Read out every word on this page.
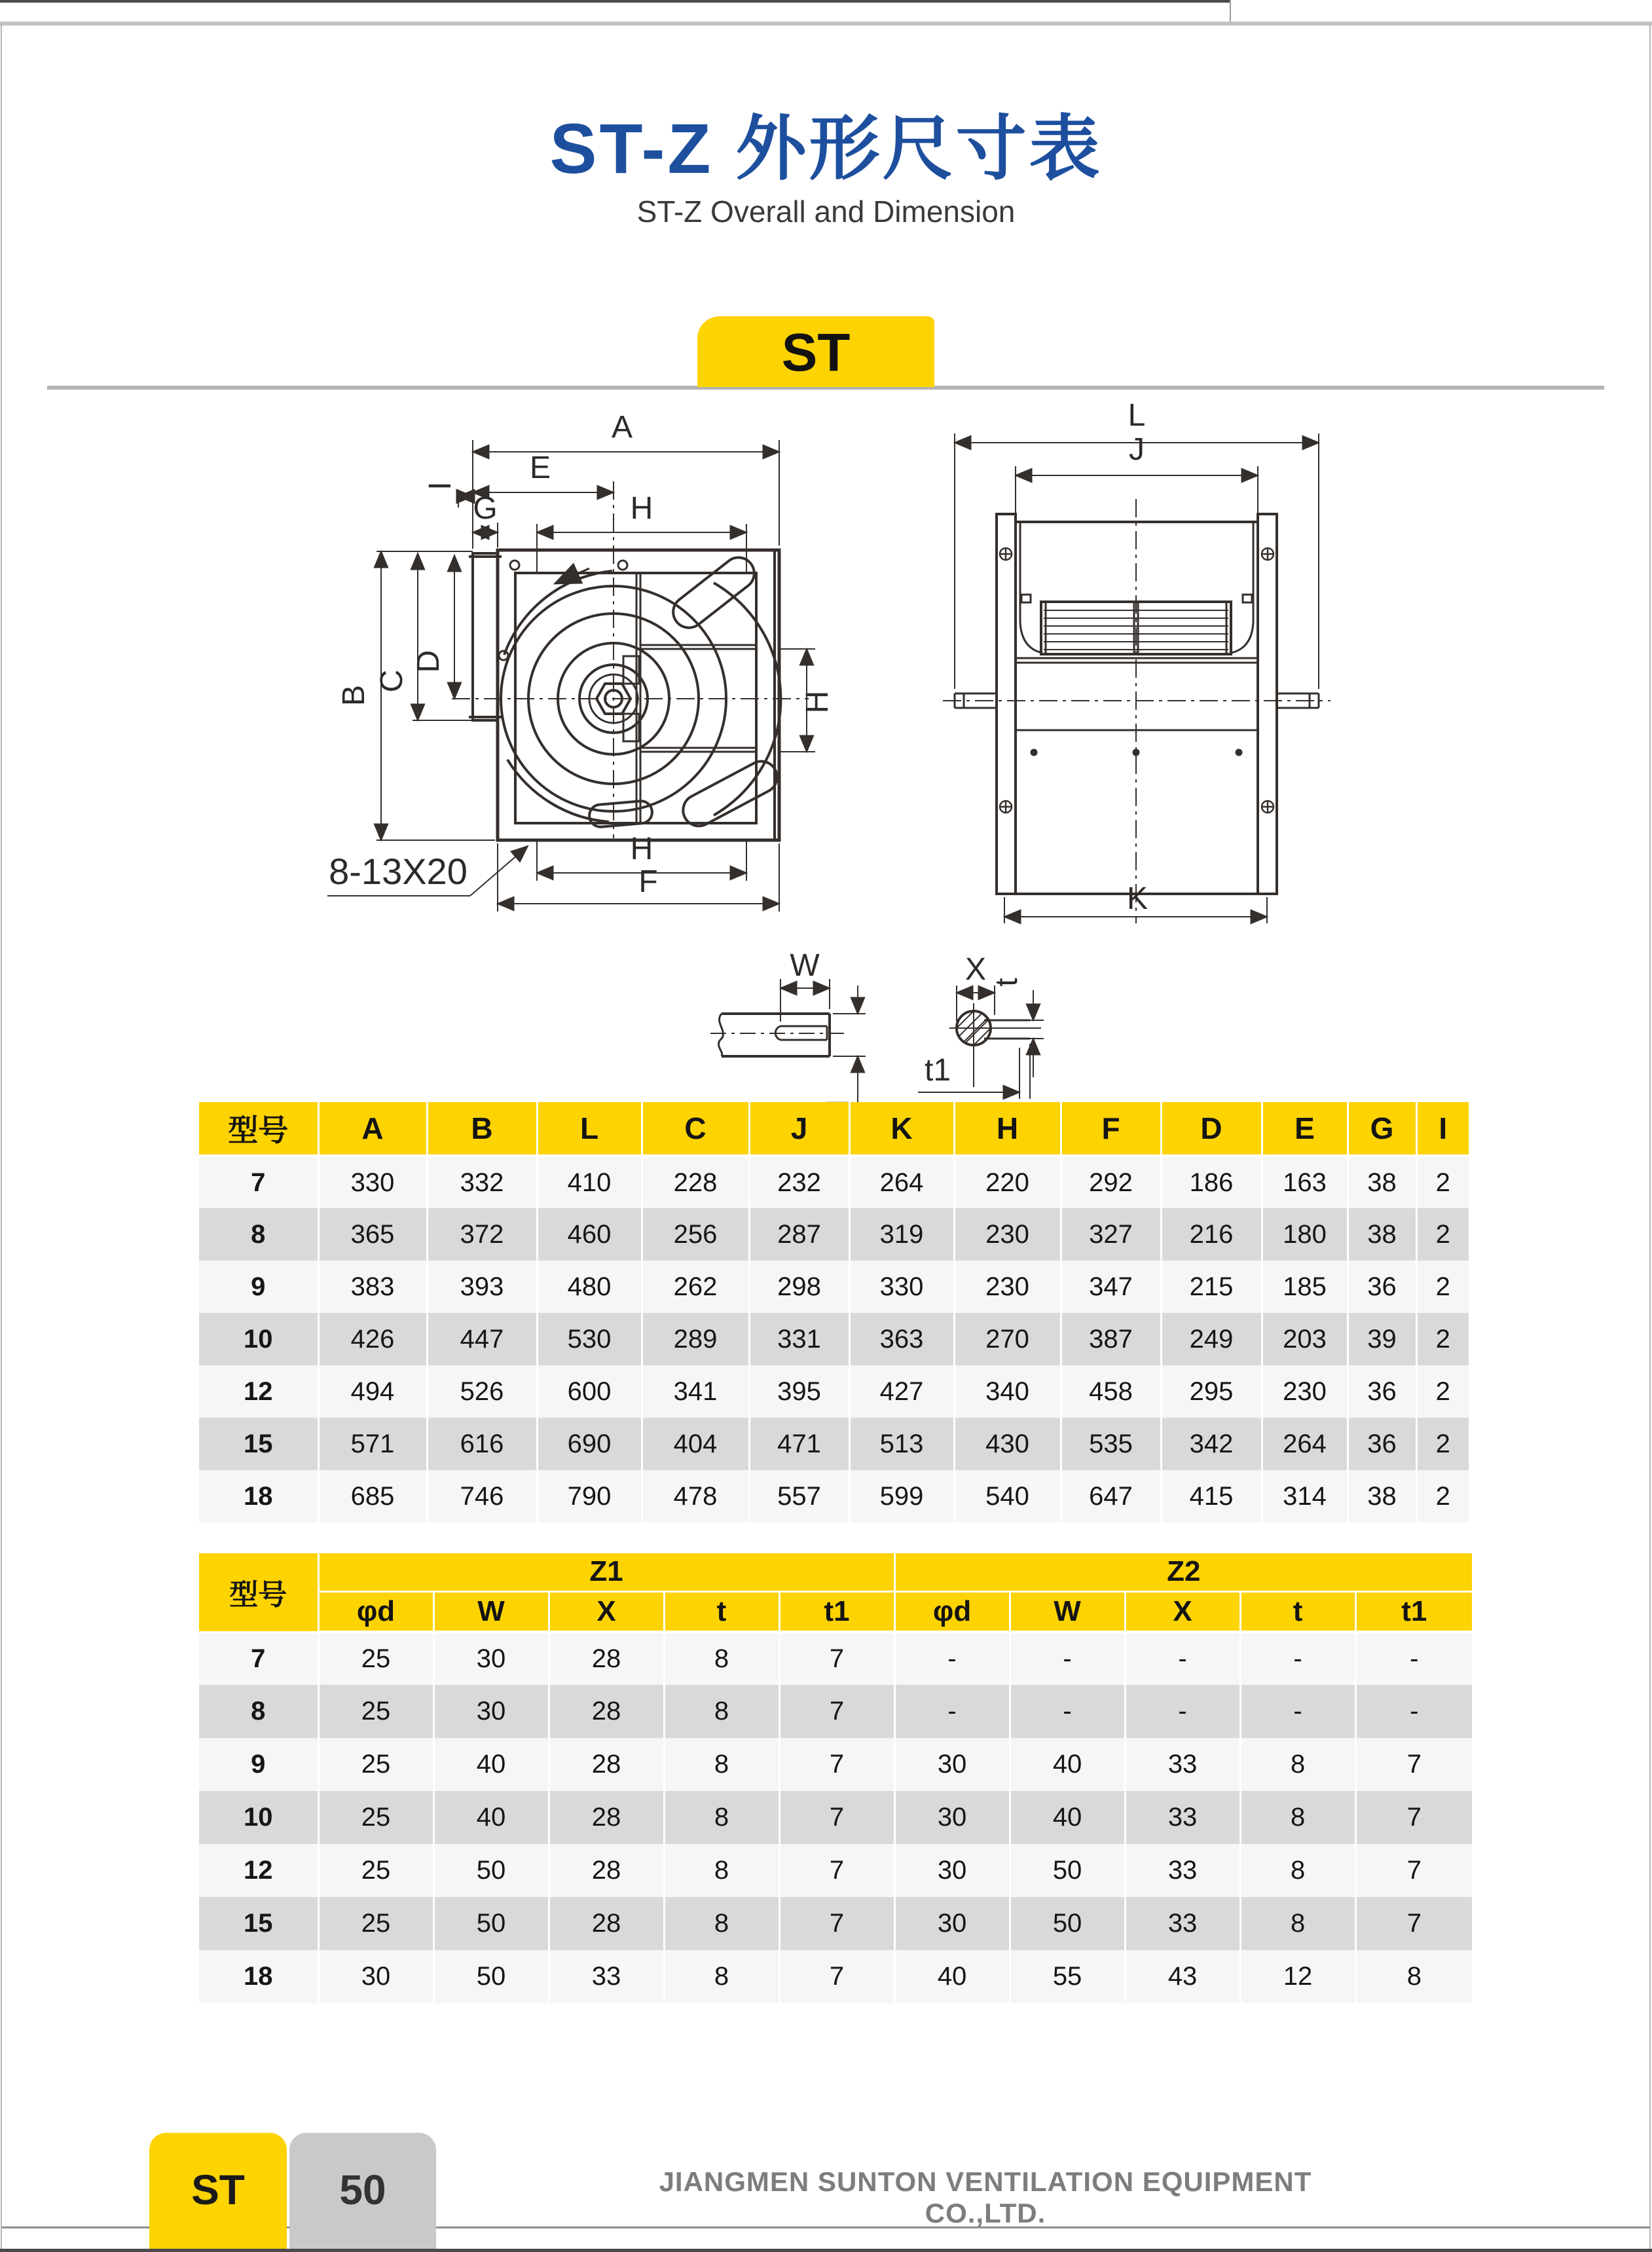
ST-Z 外形尺寸表
ST-Z Overall and Dimension
ST
A
E
G	H
I
B
C
D
H
H
F
8-13X20
L
J
K
W	X t
t1
型号	A	B	L	C	J	K	H	F	D	E	G	I
7	330	332	410	228	232	264	220	292	186	163	38	2
8	365	372	460	256	287	319	230	327	216	180	38	2
9	383	393	480	262	298	330	230	347	215	185	36	2
10	426	447	530	289	331	363	270	387	249	203	39	2
12	494	526	600	341	395	427	340	458	295	230	36	2
15	571	616	690	404	471	513	430	535	342	264	36	2
18	685	746	790	478	557	599	540	647	415	314	38	2
型号	Z1					Z2				
	φd	W	X	t	t1	φd	W	X	t	t1
7	25	30	28	8	7	-	-	-	-	-
8	25	30	28	8	7	-	-	-	-	-
9	25	40	28	8	7	30	40	33	8	7
10	25	40	28	8	7	30	40	33	8	7
12	25	50	28	8	7	30	50	33	8	7
15	25	50	28	8	7	30	50	33	8	7
18	30	50	33	8	7	40	55	43	12	8
ST	50	JIANGMEN SUNTON VENTILATION EQUIPMENT CO.,LTD.
